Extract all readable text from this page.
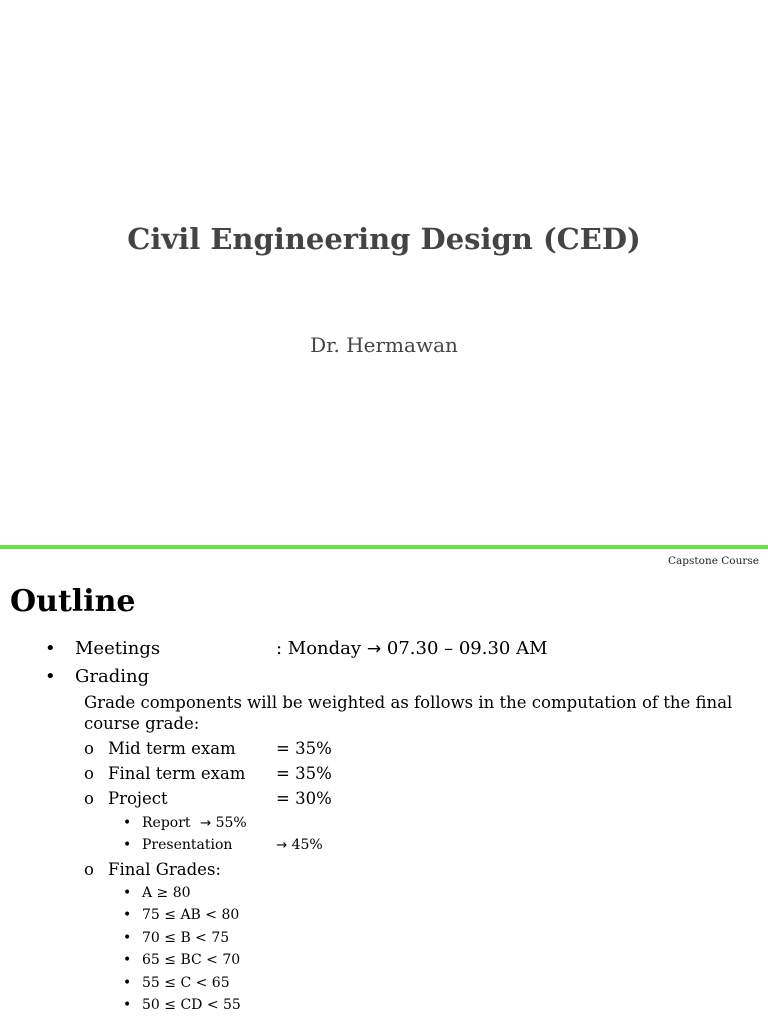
Civil Engineering Design (CED)
Dr. Hermawan
Capstone Course
Outline
• Meetings	: Monday → 07.30 – 09.30 AM
• Grading
Grade components will be weighted as follows in the computation of the final course grade:
o Mid term exam = 35%
o Final term exam = 35%
o Project	= 30%
• Report → 55%
• Presentation	→ 45%
o Final Grades:
• A ≥ 80
• 75 ≤ AB < 80
• 70 ≤ B < 75
• 65 ≤ BC < 70
• 55 ≤ C < 65
• 50 ≤ CD < 55
